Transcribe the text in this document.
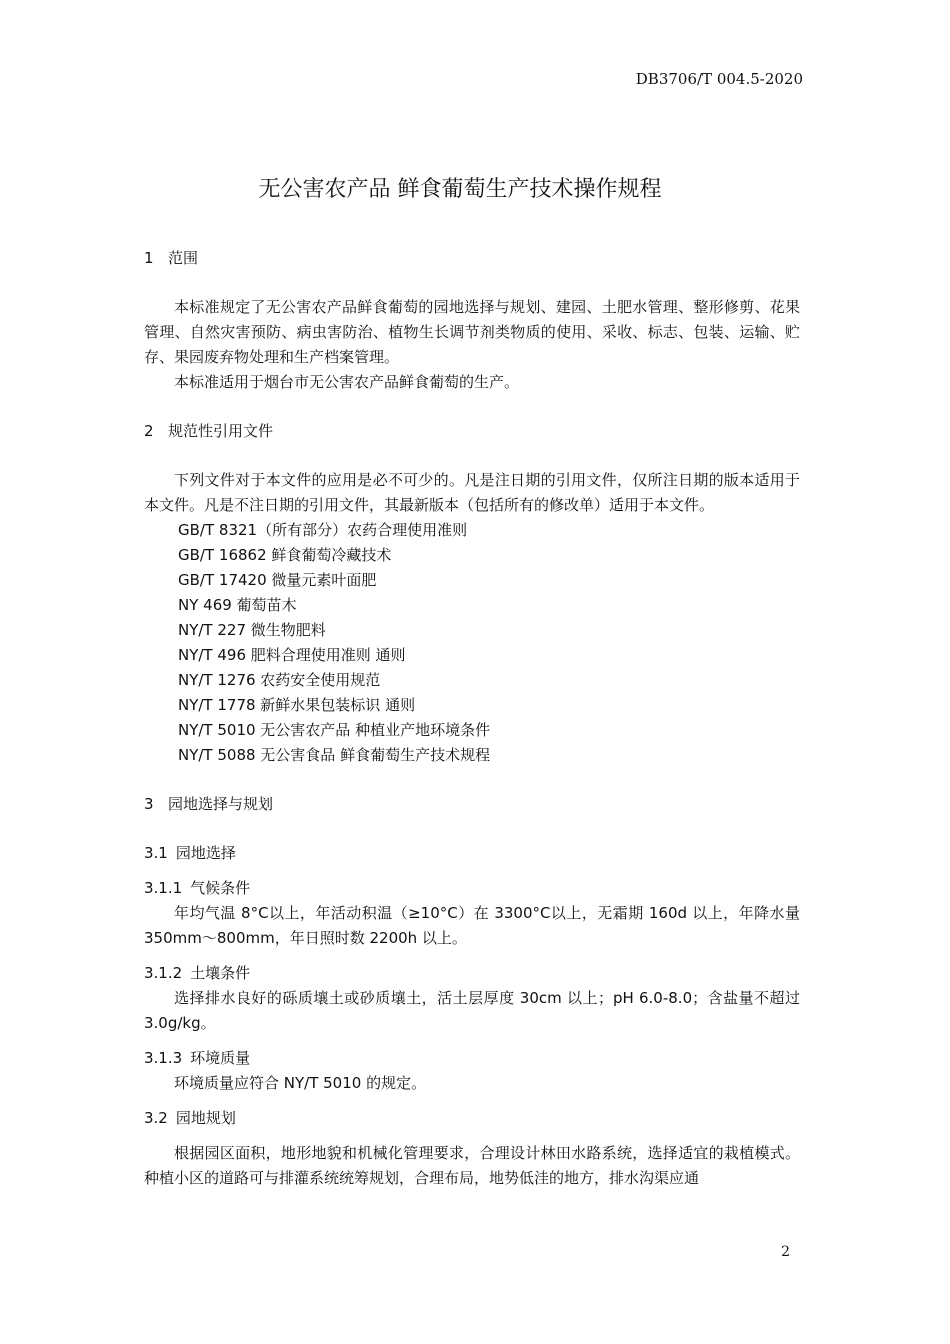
DB3706/T 004.5-2020
无公害农产品 鲜食葡萄生产技术操作规程
1 范围

本标准规定了无公害农产品鲜食葡萄的园地选择与规划、建园、土肥水管理、整形修剪、花果管理、自然灾害预防、病虫害防治、植物生长调节剂类物质的使用、采收、标志、包装、运输、贮存、果园废弃物处理和生产档案管理。

本标准适用于烟台市无公害农产品鲜食葡萄的生产。

2 规范性引用文件

下列文件对于本文件的应用是必不可少的。凡是注日期的引用文件，仅所注日期的版本适用于本文件。凡是不注日期的引用文件，其最新版本（包括所有的修改单）适用于本文件。

GB/T 8321（所有部分）农药合理使用准则

GB/T 16862 鲜食葡萄冷藏技术

GB/T 17420 微量元素叶面肥

NY 469 葡萄苗木

NY/T 227 微生物肥料

NY/T 496 肥料合理使用准则 通则

NY/T 1276 农药安全使用规范

NY/T 1778 新鲜水果包装标识 通则

NY/T 5010 无公害农产品 种植业产地环境条件

NY/T 5088 无公害食品 鲜食葡萄生产技术规程

3 园地选择与规划
3.1 园地选择
3.1.1 气候条件

年均气温 8°C以上，年活动积温（≥10°C）在 3300°C以上，无霜期 160d 以上，年降水量 350mm～800mm，年日照时数 2200h 以上。

3.1.2 土壤条件

选择排水良好的砾质壤土或砂质壤土，活土层厚度 30cm 以上；pH 6.0-8.0；含盐量不超过 3.0g/kg。

3.1.3 环境质量

环境质量应符合 NY/T 5010 的规定。

3.2 园地规划

根据园区面积，地形地貌和机械化管理要求，合理设计林田水路系统，选择适宜的栽植模式。种植小区的道路可与排灌系统统筹规划，合理布局，地势低洼的地方，排水沟渠应通

2
